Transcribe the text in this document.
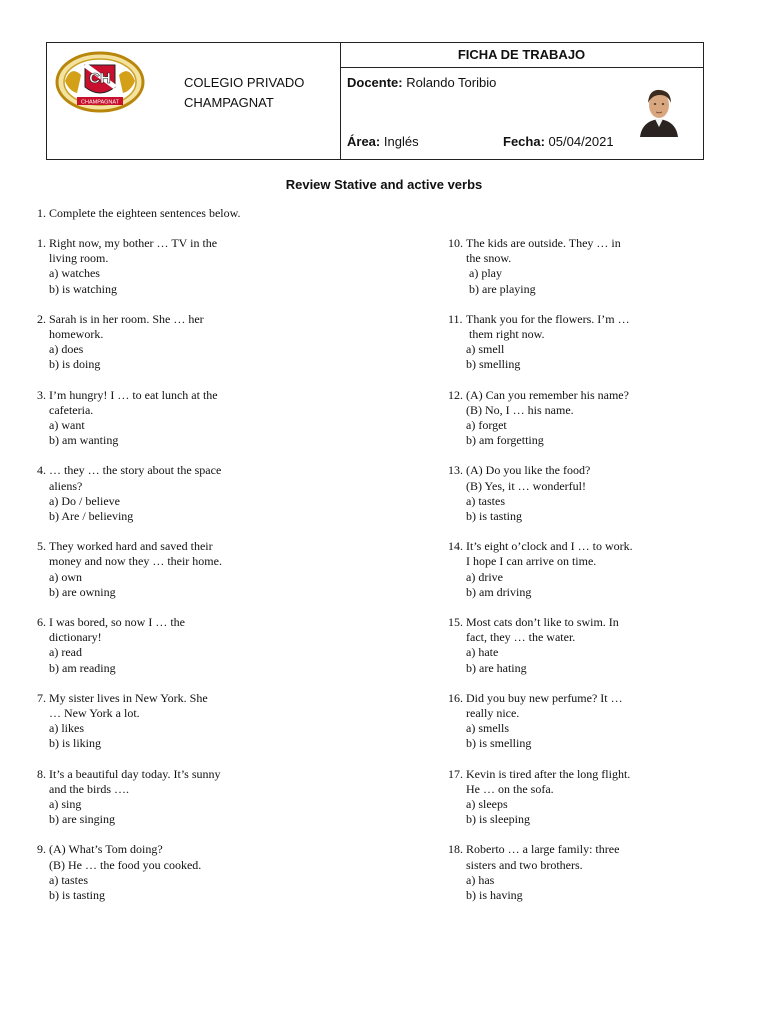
CH
CHAMPAGNAT
COLEGIO PRIVADO
CHAMPAGNAT
FICHA DE TRABAJO
Docente: Rolando Toribio
Área: Inglés	Fecha: 05/04/2021
Review Stative and active verbs
1. Complete the eighteen sentences below.
1. Right now, my bother … TV in the
living room.
a) watches
b) is watching
2. Sarah is in her room. She … her
homework.
a) does
b) is doing
3. I’m hungry! I … to eat lunch at the
cafeteria.
a) want
b) am wanting
4. … they … the story about the space
aliens?
a) Do / believe
b) Are / believing
5. They worked hard and saved their
money and now they … their home.
a) own
b) are owning
6. I was bored, so now I … the
dictionary!
a) read
b) am reading
7. My sister lives in New York. She
… New York a lot.
a) likes
b) is liking
8. It’s a beautiful day today. It’s sunny
and the birds ….
a) sing
b) are singing
9. (A) What’s Tom doing?
(B) He … the food you cooked.
a) tastes
b) is tasting
10. The kids are outside. They … in
the snow.
a) play
b) are playing
11. Thank you for the flowers. I’m …
them right now.
a) smell
b) smelling
12. (A) Can you remember his name?
(B) No, I … his name.
a) forget
b) am forgetting
13. (A) Do you like the food?
(B) Yes, it … wonderful!
a) tastes
b) is tasting
14. It’s eight o’clock and I … to work.
I hope I can arrive on time.
a) drive
b) am driving
15. Most cats don’t like to swim. In
fact, they … the water.
a) hate
b) are hating
16. Did you buy new perfume? It …
really nice.
a) smells
b) is smelling
17. Kevin is tired after the long flight.
He … on the sofa.
a) sleeps
b) is sleeping
18. Roberto … a large family: three
sisters and two brothers.
a) has
b) is having
